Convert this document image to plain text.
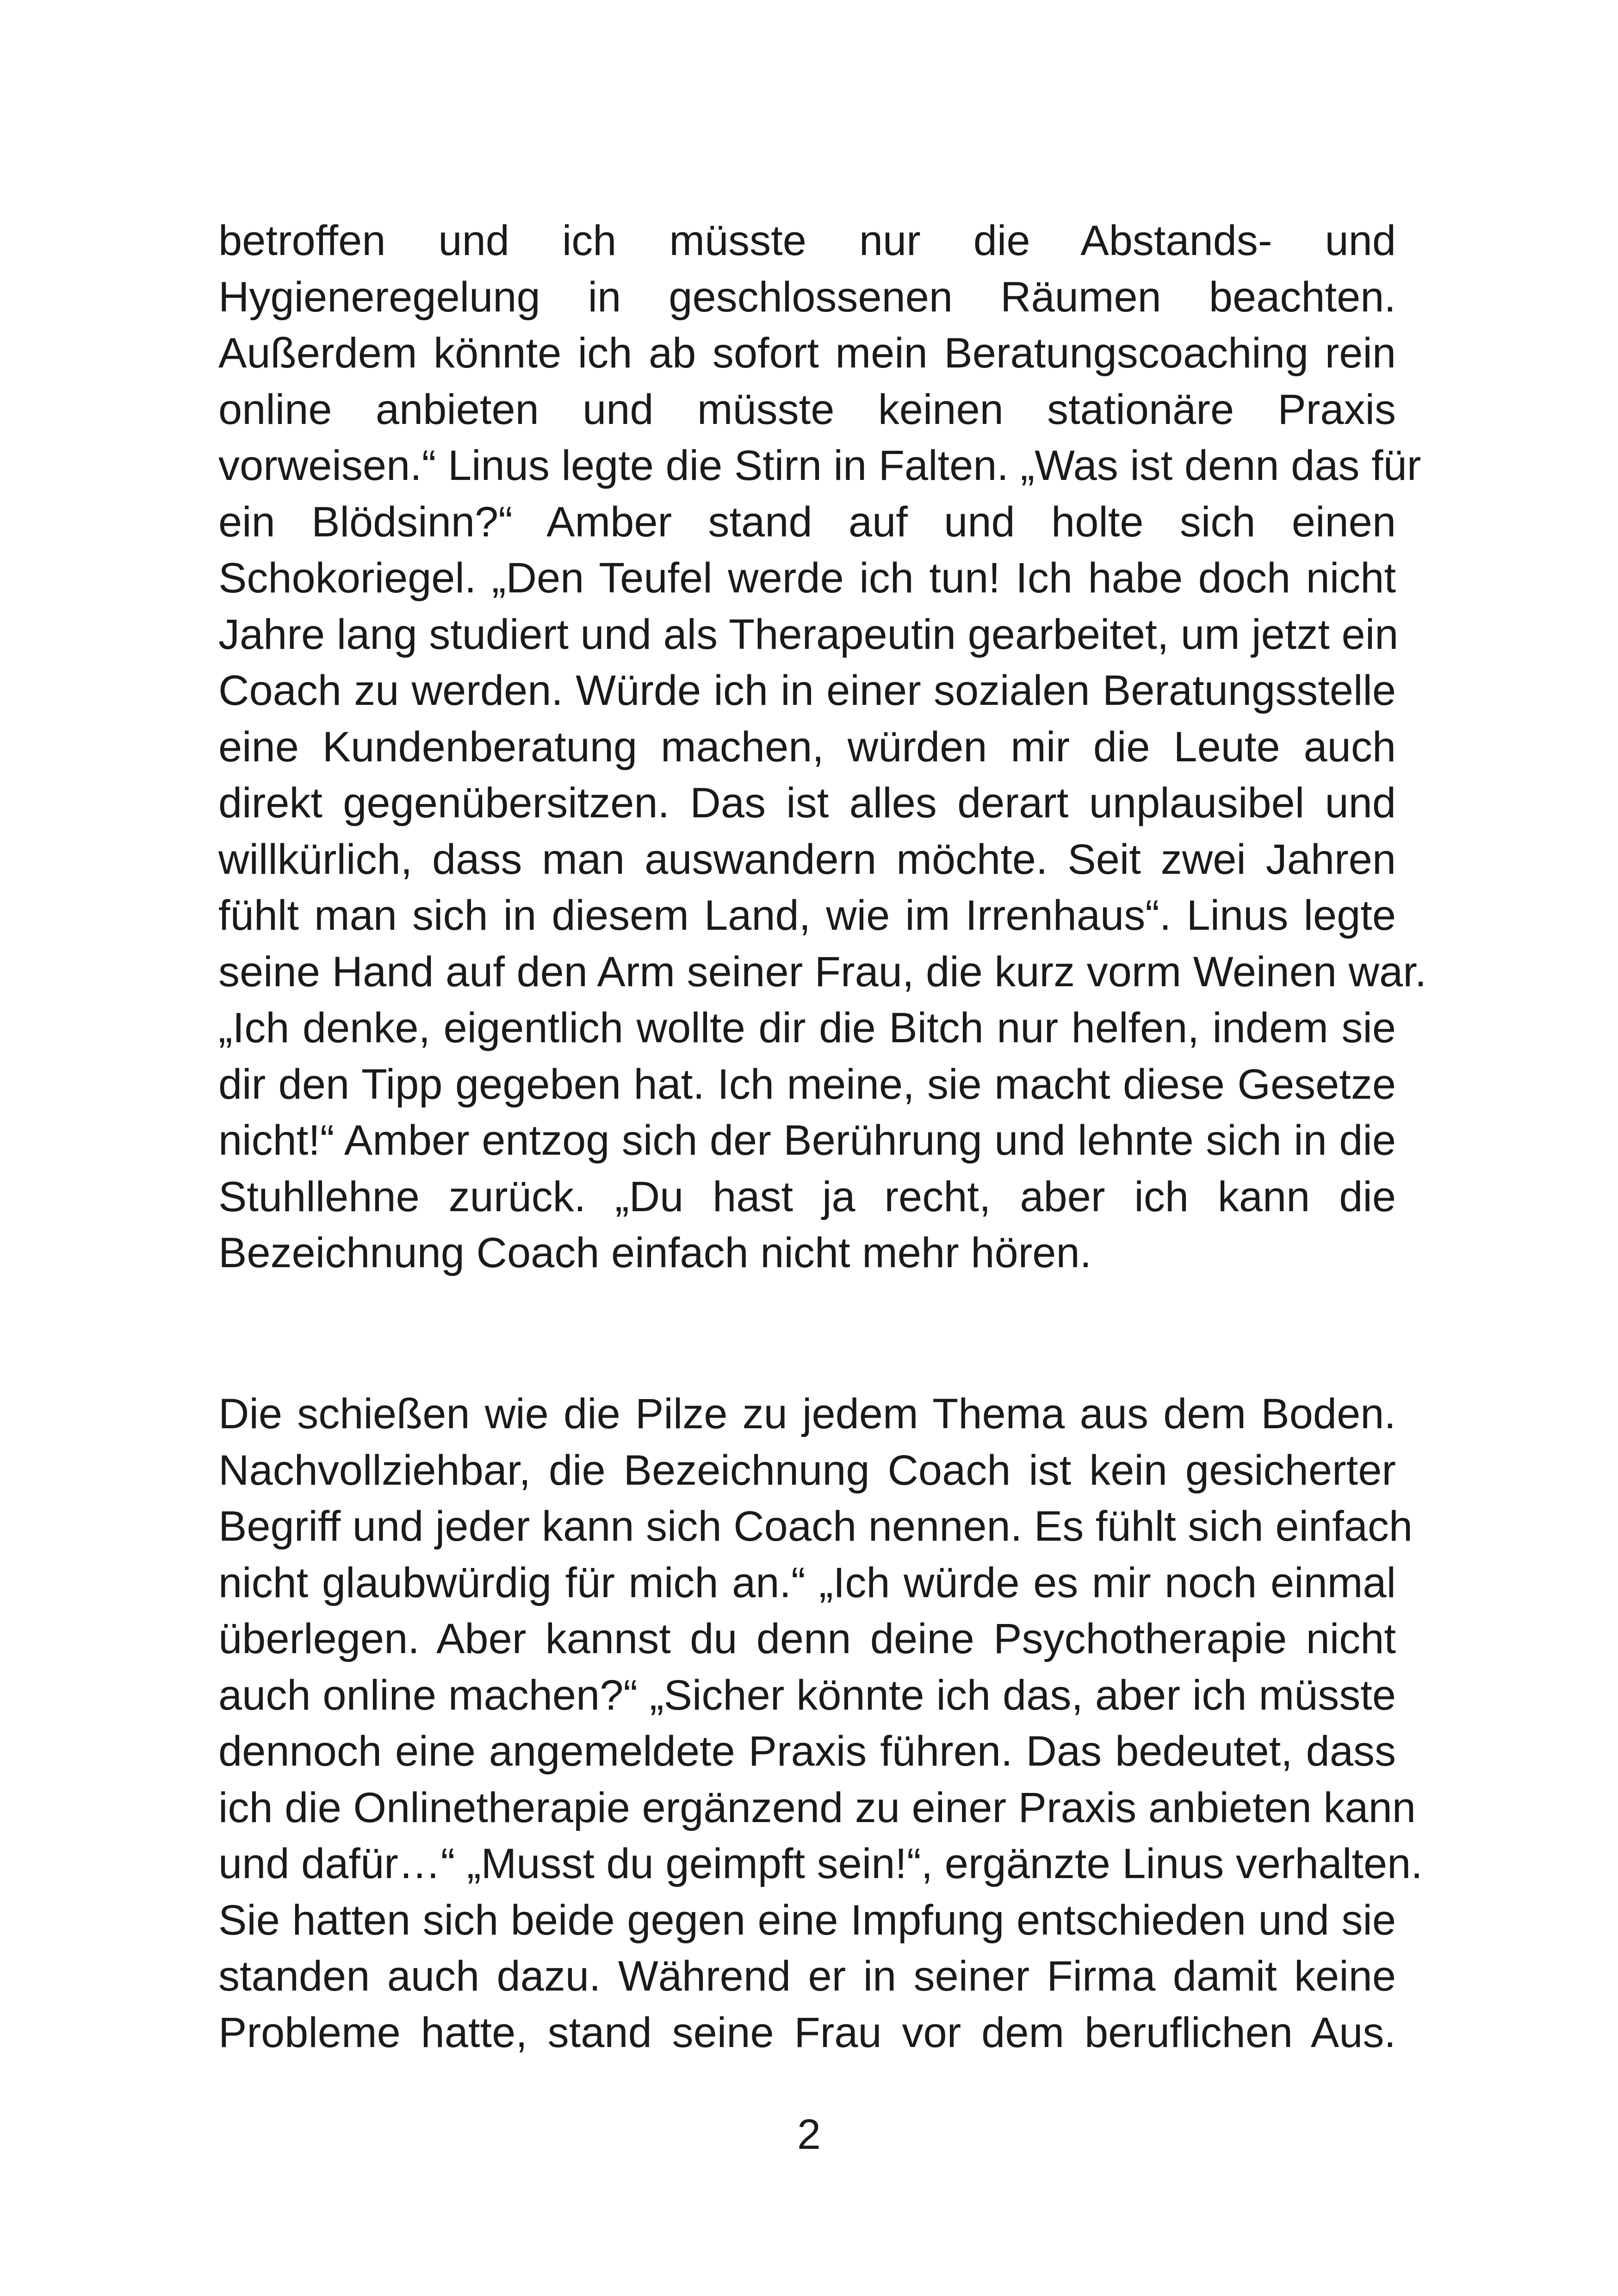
betroffen und ich müsste nur die Abstands- und
Hygieneregelung in geschlossenen Räumen beachten.
Außerdem könnte ich ab sofort mein Beratungscoaching rein
online anbieten und müsste keinen stationäre Praxis
vorweisen.“ Linus legte die Stirn in Falten. „Was ist denn das für
ein Blödsinn?“ Amber stand auf und holte sich einen
Schokoriegel. „Den Teufel werde ich tun! Ich habe doch nicht
Jahre lang studiert und als Therapeutin gearbeitet, um jetzt ein
Coach zu werden. Würde ich in einer sozialen Beratungsstelle
eine Kundenberatung machen, würden mir die Leute auch
direkt gegenübersitzen. Das ist alles derart unplausibel und
willkürlich, dass man auswandern möchte. Seit zwei Jahren
fühlt man sich in diesem Land, wie im Irrenhaus“. Linus legte
seine Hand auf den Arm seiner Frau, die kurz vorm Weinen war.
„Ich denke, eigentlich wollte dir die Bitch nur helfen, indem sie
dir den Tipp gegeben hat. Ich meine, sie macht diese Gesetze
nicht!“ Amber entzog sich der Berührung und lehnte sich in die
Stuhllehne zurück. „Du hast ja recht, aber ich kann die
Bezeichnung Coach einfach nicht mehr hören.
Die schießen wie die Pilze zu jedem Thema aus dem Boden.
Nachvollziehbar, die Bezeichnung Coach ist kein gesicherter
Begriff und jeder kann sich Coach nennen. Es fühlt sich einfach
nicht glaubwürdig für mich an.“ „Ich würde es mir noch einmal
überlegen. Aber kannst du denn deine Psychotherapie nicht
auch online machen?“ „Sicher könnte ich das, aber ich müsste
dennoch eine angemeldete Praxis führen. Das bedeutet, dass
ich die Onlinetherapie ergänzend zu einer Praxis anbieten kann
und dafür…“ „Musst du geimpft sein!“, ergänzte Linus verhalten.
Sie hatten sich beide gegen eine Impfung entschieden und sie
standen auch dazu. Während er in seiner Firma damit keine
Probleme hatte, stand seine Frau vor dem beruflichen Aus.
2
